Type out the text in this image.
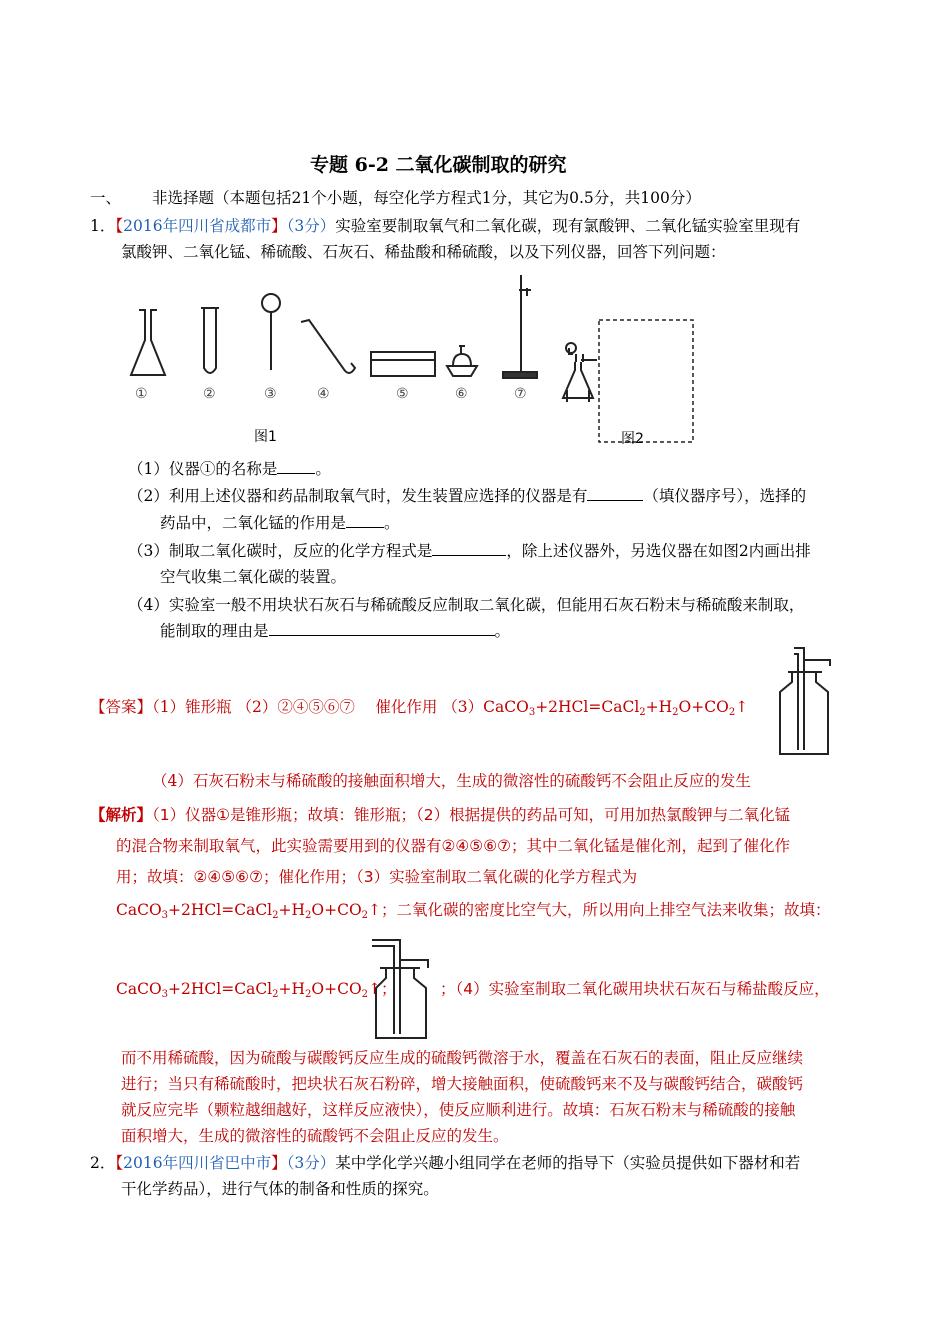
专题 6-2 二氧化碳制取的研究
一、 非选择题（本题包括21个小题，每空化学方程式1分，其它为0.5分，共100分）
1．【2016年四川省成都市】（3分）实验室要制取氧气和二氧化碳，现有氯酸钾、二氧化锰实验室里现有
氯酸钾、二氧化锰、稀硫酸、石灰石、稀盐酸和稀硫酸，以及下列仪器，回答下列问题：
①	②	③	④	⑤	⑥	⑦
图1	图2
（1）仪器①的名称是 。
（2）利用上述仪器和药品制取氧气时，发生装置应选择的仪器是有	（填仪器序号），选择的
药品中，二氧化锰的作用是 。
（3）制取二氧化碳时，反应的化学方程式是	，除上述仪器外，另选仪器在如图2内画出排
空气收集二氧化碳的装置。
（4）实验室一般不用块状石灰石与稀硫酸反应制取二氧化碳，但能用石灰石粉末与稀硫酸来制取，
能制取的理由是	。
【答案】（1）锥形瓶 （2）②④⑤⑥⑦　 催化作用 $(3)CaCO_3+2HCl=CaCl_2+H_2O+CO_2↑$
（4）石灰石粉末与稀硫酸的接触面积增大，生成的微溶性的硫酸钙不会阻止反应的发生
【解析】（1）仪器①是锥形瓶；故填：锥形瓶；（2）根据提供的药品可知，可用加热氯酸钾与二氧化锰
的混合物来制取氧气，此实验需要用到的仪器有②④⑤⑥⑦；其中二氧化锰是催化剂，起到了催化作
用；故填：②④⑤⑥⑦；催化作用；（3）实验室制取二氧化碳的化学方程式为
$CaCO_3+2HCl=CaCl_2+H_2O+CO_2↑$；二氧化碳的密度比空气大，所以用向上排空气法来收集；故填：
$CaCO_3+2HCl=CaCl_2+H_2O+CO_2↑$；	；（4）实验室制取二氧化碳用块状石灰石与稀盐酸反应，
而不用稀硫酸，因为硫酸与碳酸钙反应生成的硫酸钙微溶于水，覆盖在石灰石的表面，阻止反应继续
进行；当只有稀硫酸时，把块状石灰石粉碎，增大接触面积，使硫酸钙来不及与碳酸钙结合，碳酸钙
就反应完毕（颗粒越细越好，这样反应液快），使反应顺利进行。故填：石灰石粉末与稀硫酸的接触
面积增大，生成的微溶性的硫酸钙不会阻止反应的发生。
2．【2016年四川省巴中市】（3分）某中学化学兴趣小组同学在老师的指导下（实验员提供如下器材和若
干化学药品），进行气体的制备和性质的探究。
